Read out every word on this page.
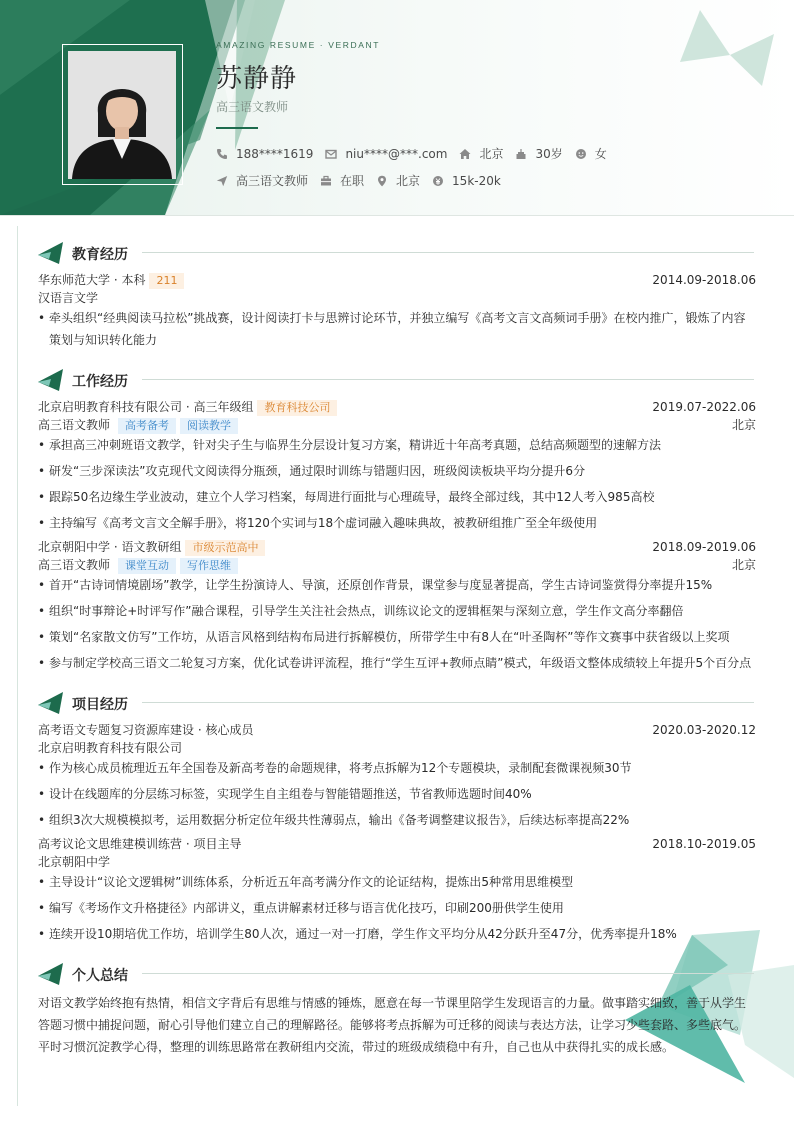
AMAZING RESUME · VERDANT
苏静静
高三语文教师
188****1619	niu****@***.com	北京	30岁	女
高三语文教师	在职	北京	15k-20k
教育经历
华东师范大学 · 本科 211	2014.09-2018.06
汉语言文学
• 牵头组织“经典阅读马拉松”挑战赛，设计阅读打卡与思辨讨论环节，并独立编写《高考文言文高频词手册》在校内推广，锻炼了内容策划与知识转化能力
工作经历
北京启明教育科技有限公司 · 高三年级组 教育科技公司	2019.07-2022.06
高三语文教师 高考备考 阅读教学	北京
• 承担高三冲刺班语文教学，针对尖子生与临界生分层设计复习方案，精讲近十年高考真题，总结高频题型的速解方法
• 研发“三步深读法”攻克现代文阅读得分瓶颈，通过限时训练与错题归因，班级阅读板块平均分提升6分
• 跟踪50名边缘生学业波动，建立个人学习档案，每周进行面批与心理疏导，最终全部过线，其中12人考入985高校
• 主持编写《高考文言文全解手册》，将120个实词与18个虚词融入趣味典故，被教研组推广至全年级使用
北京朝阳中学 · 语文教研组 市级示范高中	2018.09-2019.06
高三语文教师 课堂互动 写作思维	北京
• 首开“古诗词情境剧场”教学，让学生扮演诗人、导演，还原创作背景，课堂参与度显著提高，学生古诗词鉴赏得分率提升15%
• 组织“时事辩论+时评写作”融合课程，引导学生关注社会热点，训练议论文的逻辑框架与深刻立意，学生作文高分率翻倍
• 策划“名家散文仿写”工作坊，从语言风格到结构布局进行拆解模仿，所带学生中有8人在“叶圣陶杯”等作文赛事中获省级以上奖项
• 参与制定学校高三语文二轮复习方案，优化试卷讲评流程，推行“学生互评+教师点睛”模式，年级语文整体成绩较上年提升5个百分点
项目经历
高考语文专题复习资源库建设 · 核心成员	2020.03-2020.12
北京启明教育科技有限公司
• 作为核心成员梳理近五年全国卷及新高考卷的命题规律，将考点拆解为12个专题模块，录制配套微课视频30节
• 设计在线题库的分层练习标签，实现学生自主组卷与智能错题推送，节省教师选题时间40%
• 组织3次大规模模拟考，运用数据分析定位年级共性薄弱点，输出《备考调整建议报告》，后续达标率提高22%
高考议论文思维建模训练营 · 项目主导	2018.10-2019.05
北京朝阳中学
• 主导设计“议论文逻辑树”训练体系，分析近五年高考满分作文的论证结构，提炼出5种常用思维模型
• 编写《考场作文升格捷径》内部讲义，重点讲解素材迁移与语言优化技巧，印刷200册供学生使用
• 连续开设10期培优工作坊，培训学生80人次，通过一对一打磨，学生作文平均分从42分跃升至47分，优秀率提升18%
个人总结
对语文教学始终抱有热情，相信文字背后有思维与情感的锤炼，愿意在每一节课里陪学生发现语言的力量。做事踏实细致，善于从学生答题习惯中捕捉问题，耐心引导他们建立自己的理解路径。能够将考点拆解为可迁移的阅读与表达方法，让学习少些套路、多些底气。平时习惯沉淀教学心得，整理的训练思路常在教研组内交流，带过的班级成绩稳中有升，自己也从中获得扎实的成长感。
